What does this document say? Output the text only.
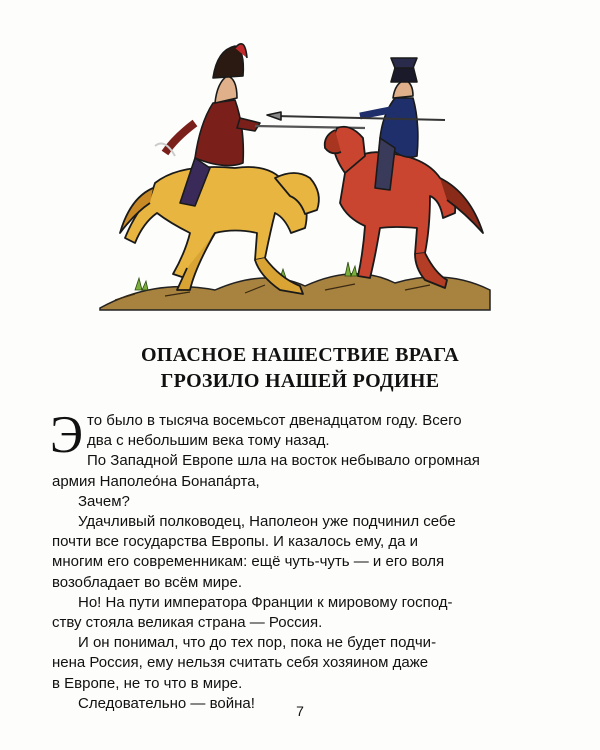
ОПАСНОЕ НАШЕСТВИЕ ВРАГА
ГРОЗИЛО НАШЕЙ РОДИНЕ
Э то было в тысяча восемьсот двенадцатом году. Всего
два с небольшим века тому назад.
По Западной Европе шла на восток небывало огромная
армия Наполео́на Бонапа́рта,
Зачем?
Удачливый полководец, Наполеон уже подчинил себе
почти все государства Европы. И казалось ему, да и
многим его современникам: ещё чуть-чуть — и его воля
возобладает во всём мире.
Но! На пути императора Франции к мировому господ-
ству стояла великая страна — Россия.
И он понимал, что до тех пор, пока не будет подчи-
нена Россия, ему нельзя считать себя хозяином даже
в Европе, не то что в мире.
Следовательно — война!	7
